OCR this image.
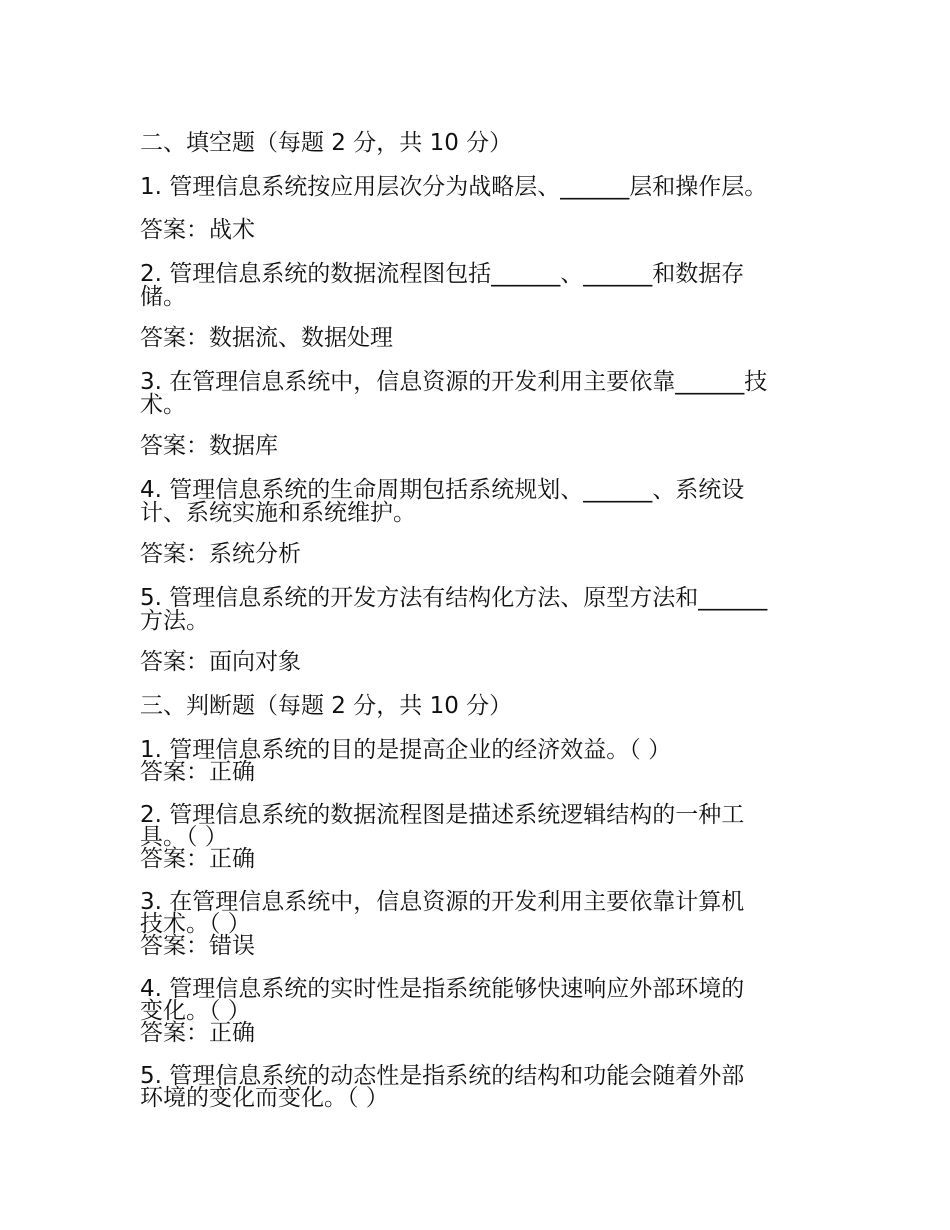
二、填空题（每题 2 分，共 10 分）

1. 管理信息系统按应用层次分为战略层、______层和操作层。

答案：战术

2. 管理信息系统的数据流程图包括______、______和数据存

储。

答案：数据流、数据处理

3. 在管理信息系统中，信息资源的开发利用主要依靠______技

术。

答案：数据库

4. 管理信息系统的生命周期包括系统规划、______、系统设

计、系统实施和系统维护。

答案：系统分析

5. 管理信息系统的开发方法有结构化方法、原型方法和______

方法。

答案：面向对象

三、判断题（每题 2 分，共 10 分）

1. 管理信息系统的目的是提高企业的经济效益。（ ）

答案：正确

2. 管理信息系统的数据流程图是描述系统逻辑结构的一种工

具。（ ）

答案：正确

3. 在管理信息系统中，信息资源的开发利用主要依靠计算机

技术。（ ）

答案：错误

4. 管理信息系统的实时性是指系统能够快速响应外部环境的

变化。（ ）

答案：正确

5. 管理信息系统的动态性是指系统的结构和功能会随着外部

环境的变化而变化。（ ）
